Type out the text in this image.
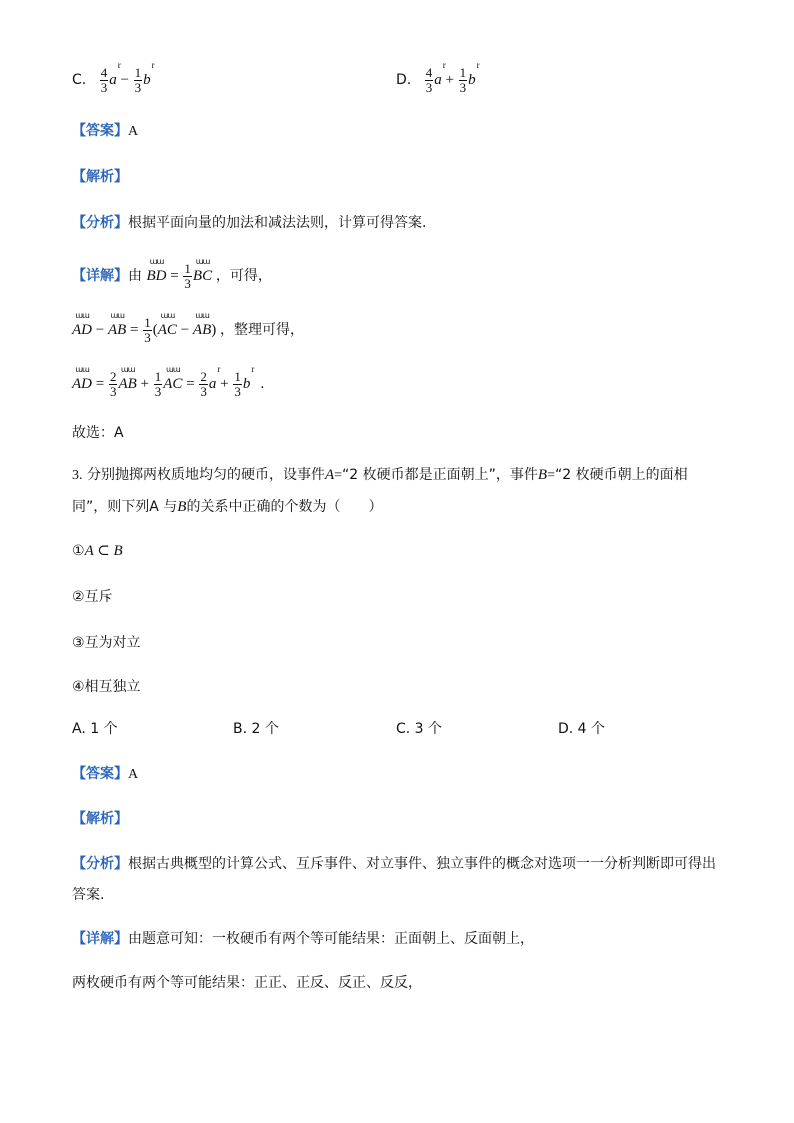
C. $\frac{4}{3}$
r
$a - \frac{1}{3}$
r
b	D. $\frac{4}{3}$
r
$a + \frac{1}{3}$
r
b
【答案】A
【解析】
【分析】根据平面向量的加法和减法法则，计算可得答案.
【详解】由
ɯɯ
BD = $\frac{1}{3}$
ɯɯ
BC ，可得，
ɯɯ
AD −
ɯɯ
AB = $\frac{1}{3}$ (
ɯɯ
AC −
ɯɯ
AB) ，整理可得，
ɯɯ
AD = $\frac{2}{3}$
ɯɯ
AB + $\frac{1}{3}$
ɯɯ
AC = $\frac{2}{3}$
r
$a + \frac{1}{3}$
r
b .
故选：A
3. 分别抛掷两枚质地均匀的硬币，设事件A=“2 枚硬币都是正面朝上”，事件B=“2 枚硬币朝上的面相
同”，则下列A 与B的关系中正确的个数为（　　）
①A ⊂ B
②互斥
③互为对立
④相互独立
A. 1 个	B. 2 个	C. 3 个	D. 4 个
【答案】A
【解析】
【分析】根据古典概型的计算公式、互斥事件、对立事件、独立事件的概念对选项一一分析判断即可得出
答案.
【详解】由题意可知：一枚硬币有两个等可能结果：正面朝上、反面朝上，
两枚硬币有两个等可能结果：正正、正反、反正、反反，
